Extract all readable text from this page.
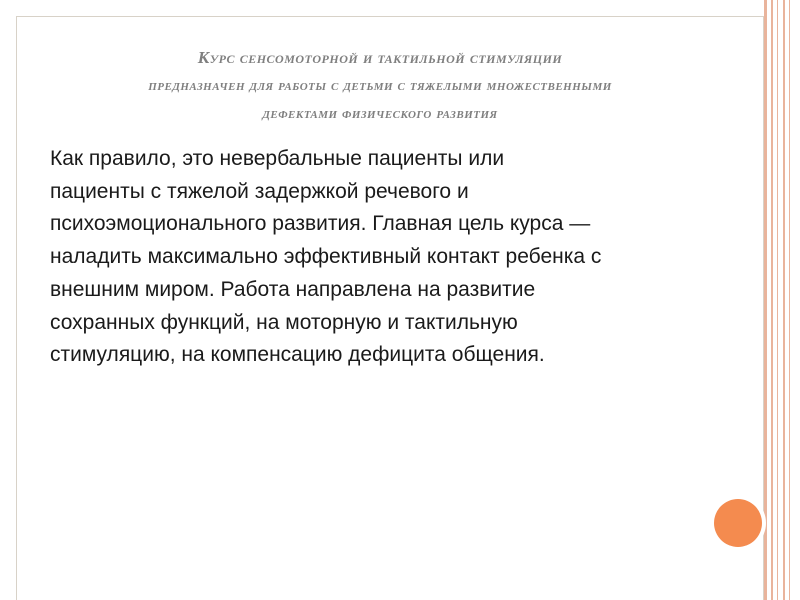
Курс сенсомоторной и тактильной стимуляции
предназначен для работы с детьми с тяжелыми множественными
дефектами физического развития
Как правило, это невербальные пациенты или
пациенты с тяжелой задержкой речевого и
психоэмоционального развития. Главная цель курса —
наладить максимально эффективный контакт ребенка с
внешним миром. Работа направлена на развитие
сохранных функций, на моторную и тактильную
стимуляцию, на компенсацию дефицита общения.
